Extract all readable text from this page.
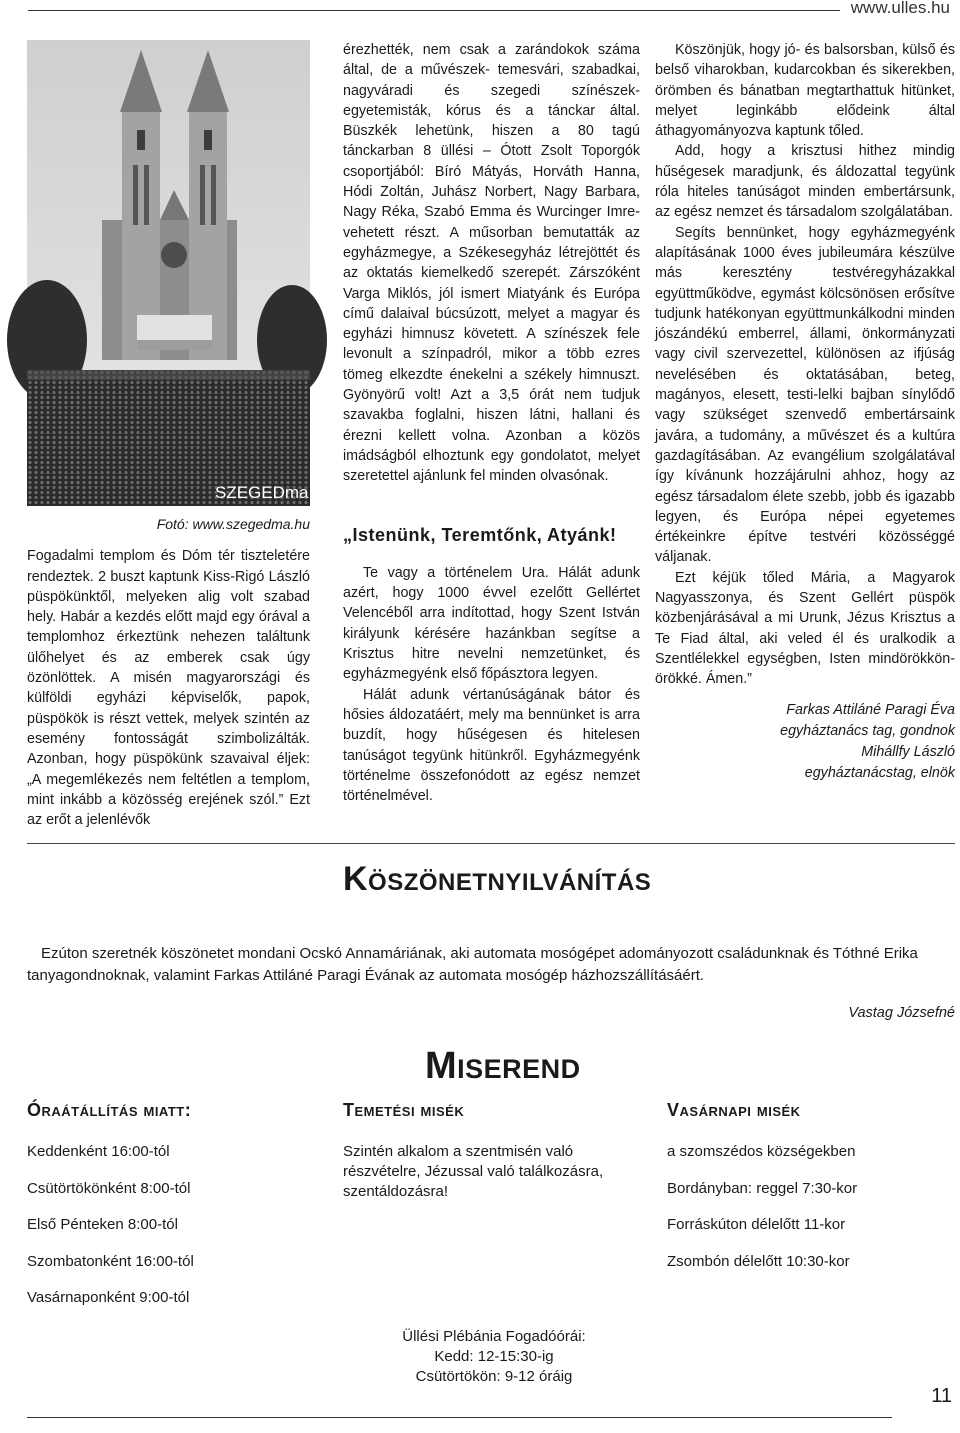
www.ulles.hu
SZEGEDma.hu
Fotó: www.szegedma.hu

Fogadalmi templom és Dóm tér tiszteletére rendeztek. 2 buszt kaptunk Kiss-Rigó László püspökünktől, melyeken alig volt szabad hely. Habár a kezdés előtt majd egy órával a templomhoz érkeztünk nehezen találtunk ülőhelyet és az emberek csak úgy özönlöttek. A misén magyarországi és külföldi egyházi képviselők, papok, püspökök is részt vettek, melyek szintén az esemény fontosságát szimbolizálták. Azonban, hogy püspökünk szavaival éljek: „A megemlékezés nem feltétlen a templom, mint inkább a közösség erejének szól.” Ezt az erőt a jelenlévők

érezhették, nem csak a zarándokok száma által, de a művészek- temesvári, szabadkai, nagyváradi és szegedi színészek- egyetemisták, kórus és a tánckar által. Büszkék lehetünk, hiszen a 80 tagú tánckarban 8 üllési – Ótott Zsolt Toporgók csoportjából: Bíró Mátyás, Horváth Hanna, Hódi Zoltán, Juhász Norbert, Nagy Barbara, Nagy Réka, Szabó Emma és Wurcinger Imre- vehetett részt. A műsorban bemutatták az egyházmegye, a Székesegyház létrejöttét és az oktatás kiemelkedő szerepét. Zárszóként Varga Miklós, jól ismert Miatyánk és Európa című dalaival búcsúzott, melyet a magyar és egyházi himnusz követett. A színészek fele levonult a színpadról, mikor a több ezres tömeg elkezdte énekelni a székely himnuszt. Gyönyörű volt! Azt a 3,5 órát nem tudjuk szavakba foglalni, hiszen látni, hallani és érezni kellett volna. Azonban a közös imádságból elhoztunk egy gondolatot, melyet szeretettel ajánlunk fel minden olvasónak.

„Istenünk, Teremtőnk, Atyánk!

Te vagy a történelem Ura. Hálát adunk azért, hogy 1000 évvel ezelőtt Gellértet Velencéből arra indítottad, hogy Szent István királyunk kérésére hazánkban segítse a Krisztus hitre nevelni nemzetünket, és egyházmegyénk első főpásztora legyen.

Hálát adunk vértanúságának bátor és hősies áldozatáért, mely ma bennünket is arra buzdít, hogy hűségesen és hitelesen tanúságot tegyünk hitünkről. Egyházmegyénk történelme összefonódott az egész nemzet történelmével.

Köszönjük, hogy jó- és balsorsban, külső és belső viharokban, kudarcokban és sikerekben, örömben és bánatban megtarthattuk hitünket, melyet leginkább elődeink által áthagyományozva kaptunk tőled.

Add, hogy a krisztusi hithez mindig hűségesek maradjunk, és áldozattal tegyünk róla hiteles tanúságot minden embertársunk, az egész nemzet és társadalom szolgálatában.

Segíts bennünket, hogy egyházmegyénk alapításának 1000 éves jubileumára készülve más keresztény testvéregyházakkal együttműködve, egymást kölcsönösen erősítve tudjunk hatékonyan együttmunkálkodni minden jószándékú emberrel, állami, önkormányzati vagy civil szervezettel, különösen az ifjúság nevelésében és oktatásában, beteg, magányos, elesett, testi-lelki bajban sínylődő vagy szükséget szenvedő embertársaink javára, a tudomány, a művészet és a kultúra gazdagításában. Az evangélium szolgálatával így kívánunk hozzájárulni ahhoz, hogy az egész társadalom élete szebb, jobb és igazabb legyen, és Európa népei egyetemes értékeinkre építve testvéri közösséggé váljanak.

Ezt kéjük tőled Mária, a Magyarok Nagyasszonya, és Szent Gellért püspök közbenjárásával a mi Urunk, Jézus Krisztus a Te Fiad által, aki veled él és uralkodik a Szentlélekkel egységben, Isten mindörökkön-örökké. Ámen.”

Farkas Attiláné Paragi Éva
egyháztanács tag, gondnok
Mihállfy László
egyháztanácstag, elnök
Köszönetnyilvánítás
Ezúton szeretnék köszönetet mondani Ocskó Annamáriának, aki automata mosógépet adományozott családunknak és Tóthné Erika tanyagondnoknak, valamint Farkas Attiláné Paragi Évának az automata mosógép házhozszállításáért.
Vastag Józsefné
Miserend
Óraátállítás miatt:
Keddenként 16:00-tól
Csütörtökönként 8:00-tól
Első Pénteken 8:00-tól
Szombatonként 16:00-tól
Vasárnaponként 9:00-tól
Temetési misék
Szintén alkalom a szentmisén való részvételre, Jézussal való találkozásra, szentáldozásra!
Vasárnapi misék
a szomszédos községekben
Bordányban: reggel 7:30-kor
Forráskúton délelőtt 11-kor
Zsombón délelőtt 10:30-kor
Üllési Plébánia Fogadóórái:
Kedd: 12-15:30-ig
Csütörtökön: 9-12 óráig
11
